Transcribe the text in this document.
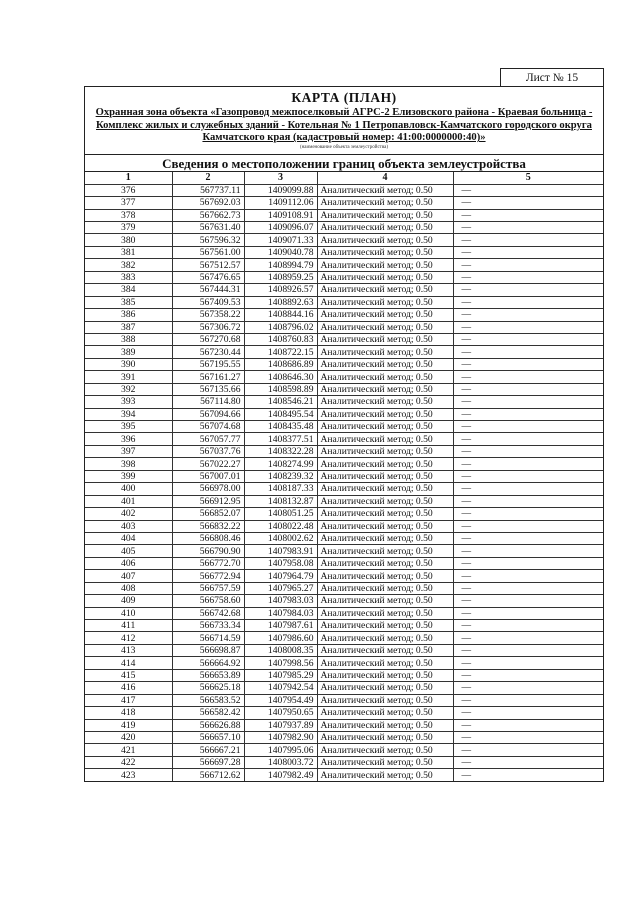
Лист № 15
КАРТА (ПЛАН)
Охранная зона объекта «Газопровод межпоселковый АГРС-2 Елизовского района - Краевая больница - Комплекс жилых и служебных зданий - Котельная № 1 Петропавловск-Камчатского городского округа Камчатского края (кадастровый номер: 41:00:0000000:40)»
(наименование объекта землеустройства)
Сведения о местоположении границ объекта землеустройства
1	2	3	4	5
376	567737.11	1409099.88	Аналитический метод; 0.50	—
377	567692.03	1409112.06	Аналитический метод; 0.50	—
378	567662.73	1409108.91	Аналитический метод; 0.50	—
379	567631.40	1409096.07	Аналитический метод; 0.50	—
380	567596.32	1409071.33	Аналитический метод; 0.50	—
381	567561.00	1409040.78	Аналитический метод; 0.50	—
382	567512.57	1408994.79	Аналитический метод; 0.50	—
383	567476.65	1408959.25	Аналитический метод; 0.50	—
384	567444.31	1408926.57	Аналитический метод; 0.50	—
385	567409.53	1408892.63	Аналитический метод; 0.50	—
386	567358.22	1408844.16	Аналитический метод; 0.50	—
387	567306.72	1408796.02	Аналитический метод; 0.50	—
388	567270.68	1408760.83	Аналитический метод; 0.50	—
389	567230.44	1408722.15	Аналитический метод; 0.50	—
390	567195.55	1408686.89	Аналитический метод; 0.50	—
391	567161.27	1408646.30	Аналитический метод; 0.50	—
392	567135.66	1408598.89	Аналитический метод; 0.50	—
393	567114.80	1408546.21	Аналитический метод; 0.50	—
394	567094.66	1408495.54	Аналитический метод; 0.50	—
395	567074.68	1408435.48	Аналитический метод; 0.50	—
396	567057.77	1408377.51	Аналитический метод; 0.50	—
397	567037.76	1408322.28	Аналитический метод; 0.50	—
398	567022.27	1408274.99	Аналитический метод; 0.50	—
399	567007.01	1408239.32	Аналитический метод; 0.50	—
400	566978.00	1408187.33	Аналитический метод; 0.50	—
401	566912.95	1408132.87	Аналитический метод; 0.50	—
402	566852.07	1408051.25	Аналитический метод; 0.50	—
403	566832.22	1408022.48	Аналитический метод; 0.50	—
404	566808.46	1408002.62	Аналитический метод; 0.50	—
405	566790.90	1407983.91	Аналитический метод; 0.50	—
406	566772.70	1407958.08	Аналитический метод; 0.50	—
407	566772.94	1407964.79	Аналитический метод; 0.50	—
408	566757.59	1407965.27	Аналитический метод; 0.50	—
409	566758.60	1407983.03	Аналитический метод; 0.50	—
410	566742.68	1407984.03	Аналитический метод; 0.50	—
411	566733.34	1407987.61	Аналитический метод; 0.50	—
412	566714.59	1407986.60	Аналитический метод; 0.50	—
413	566698.87	1408008.35	Аналитический метод; 0.50	—
414	566664.92	1407998.56	Аналитический метод; 0.50	—
415	566653.89	1407985.29	Аналитический метод; 0.50	—
416	566625.18	1407942.54	Аналитический метод; 0.50	—
417	566583.52	1407954.49	Аналитический метод; 0.50	—
418	566582.42	1407950.65	Аналитический метод; 0.50	—
419	566626.88	1407937.89	Аналитический метод; 0.50	—
420	566657.10	1407982.90	Аналитический метод; 0.50	—
421	566667.21	1407995.06	Аналитический метод; 0.50	—
422	566697.28	1408003.72	Аналитический метод; 0.50	—
423	566712.62	1407982.49	Аналитический метод; 0.50	—
